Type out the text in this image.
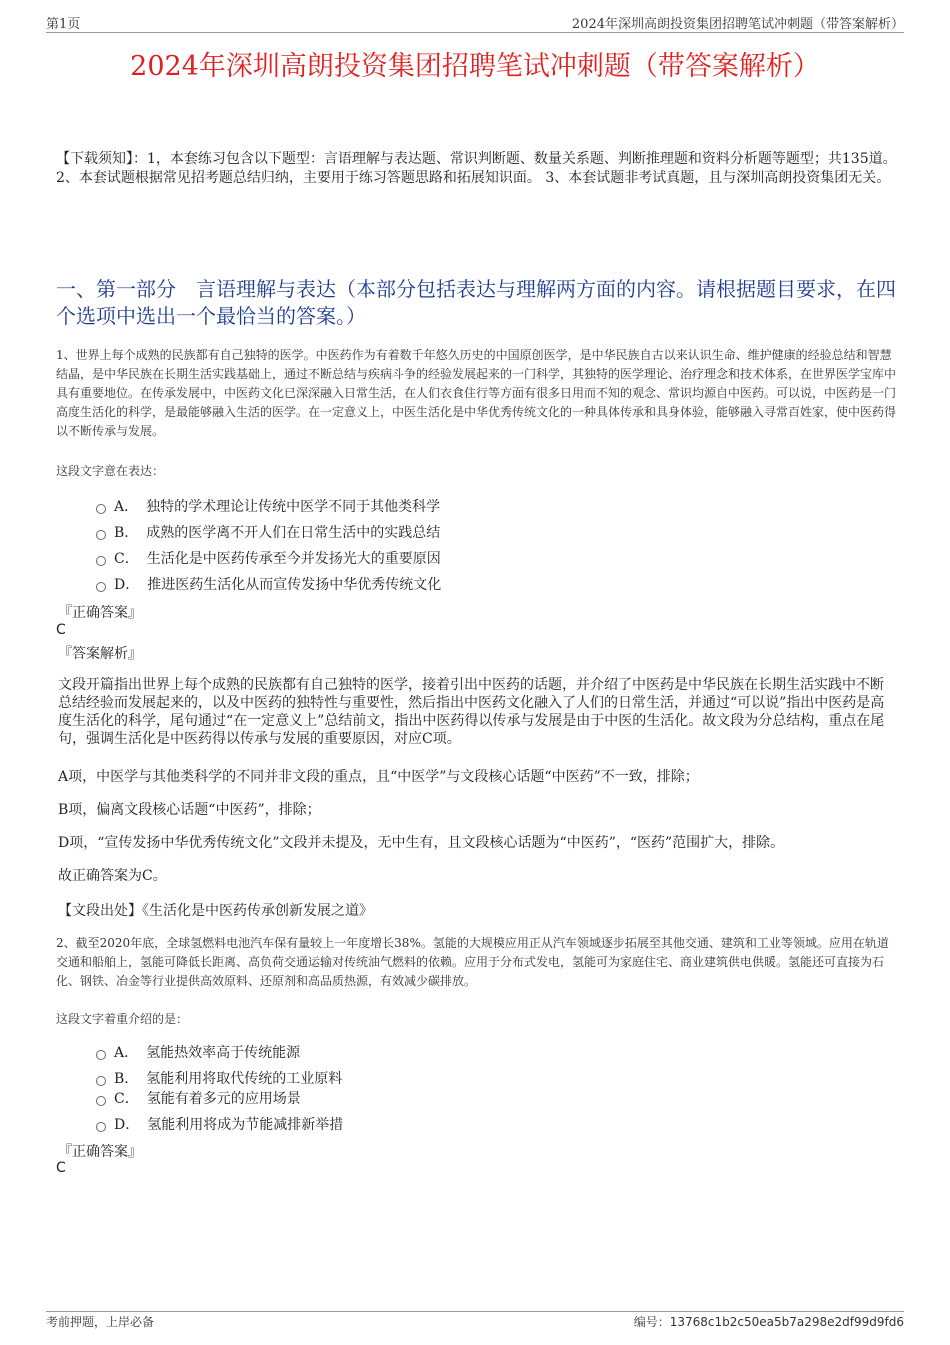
第1页	2024年深圳高朗投资集团招聘笔试冲刺题（带答案解析）
2024年深圳高朗投资集团招聘笔试冲刺题（带答案解析）
【下载须知】：1，本套练习包含以下题型：言语理解与表达题、常识判断题、数量关系题、判断推理题和资料分析题等题型；共135道。 2、本套试题根据常见招考题总结归纳，主要用于练习答题思路和拓展知识面。 3、本套试题非考试真题，且与深圳高朗投资集团无关。
一、第一部分　言语理解与表达（本部分包括表达与理解两方面的内容。请根据题目要求，在四个选项中选出一个最恰当的答案。）
1、世界上每个成熟的民族都有自己独特的医学。中医药作为有着数千年悠久历史的中国原创医学，是中华民族自古以来认识生命、维护健康的经验总结和智慧结晶，是中华民族在长期生活实践基础上，通过不断总结与疾病斗争的经验发展起来的一门科学，其独特的医学理论、治疗理念和技术体系，在世界医学宝库中具有重要地位。在传承发展中，中医药文化已深深融入日常生活，在人们衣食住行等方面有很多日用而不知的观念、常识均源自中医药。可以说，中医药是一门高度生活化的科学，是最能够融入生活的医学。在一定意义上，中医生活化是中华优秀传统文化的一种具体传承和具身体验，能够融入寻常百姓家，使中医药得以不断传承与发展。
这段文字意在表达：
A． 独特的学术理论让传统中医学不同于其他类科学
B． 成熟的医学离不开人们在日常生活中的实践总结
C． 生活化是中医药传承至今并发扬光大的重要原因
D． 推进医药生活化从而宣传发扬中华优秀传统文化
『正确答案』
C
『答案解析』
文段开篇指出世界上每个成熟的民族都有自己独特的医学，接着引出中医药的话题，并介绍了中医药是中华民族在长期生活实践中不断总结经验而发展起来的，以及中医药的独特性与重要性，然后指出中医药文化融入了人们的日常生活，并通过“可以说”指出中医药是高度生活化的科学，尾句通过“在一定意义上”总结前文，指出中医药得以传承与发展是由于中医的生活化。故文段为分总结构，重点在尾句，强调生活化是中医药得以传承与发展的重要原因，对应C项。
A项，中医学与其他类科学的不同并非文段的重点，且“中医学”与文段核心话题“中医药”不一致，排除；
B项，偏离文段核心话题“中医药”，排除；
D项，“宣传发扬中华优秀传统文化”文段并未提及，无中生有，且文段核心话题为“中医药”，“医药”范围扩大，排除。
故正确答案为C。
【文段出处】《生活化是中医药传承创新发展之道》
2、截至2020年底，全球氢燃料电池汽车保有量较上一年度增长38%。氢能的大规模应用正从汽车领域逐步拓展至其他交通、建筑和工业等领域。应用在轨道交通和船舶上，氢能可降低长距离、高负荷交通运输对传统油气燃料的依赖。应用于分布式发电，氢能可为家庭住宅、商业建筑供电供暖。氢能还可直接为石化、钢铁、冶金等行业提供高效原料、还原剂和高品质热源，有效减少碳排放。
这段文字着重介绍的是：
A． 氢能热效率高于传统能源
B． 氢能利用将取代传统的工业原料
C． 氢能有着多元的应用场景
D． 氢能利用将成为节能减排新举措
『正确答案』
C
考前押题，上岸必备	编号：13768c1b2c50ea5b7a298e2df99d9fd6
